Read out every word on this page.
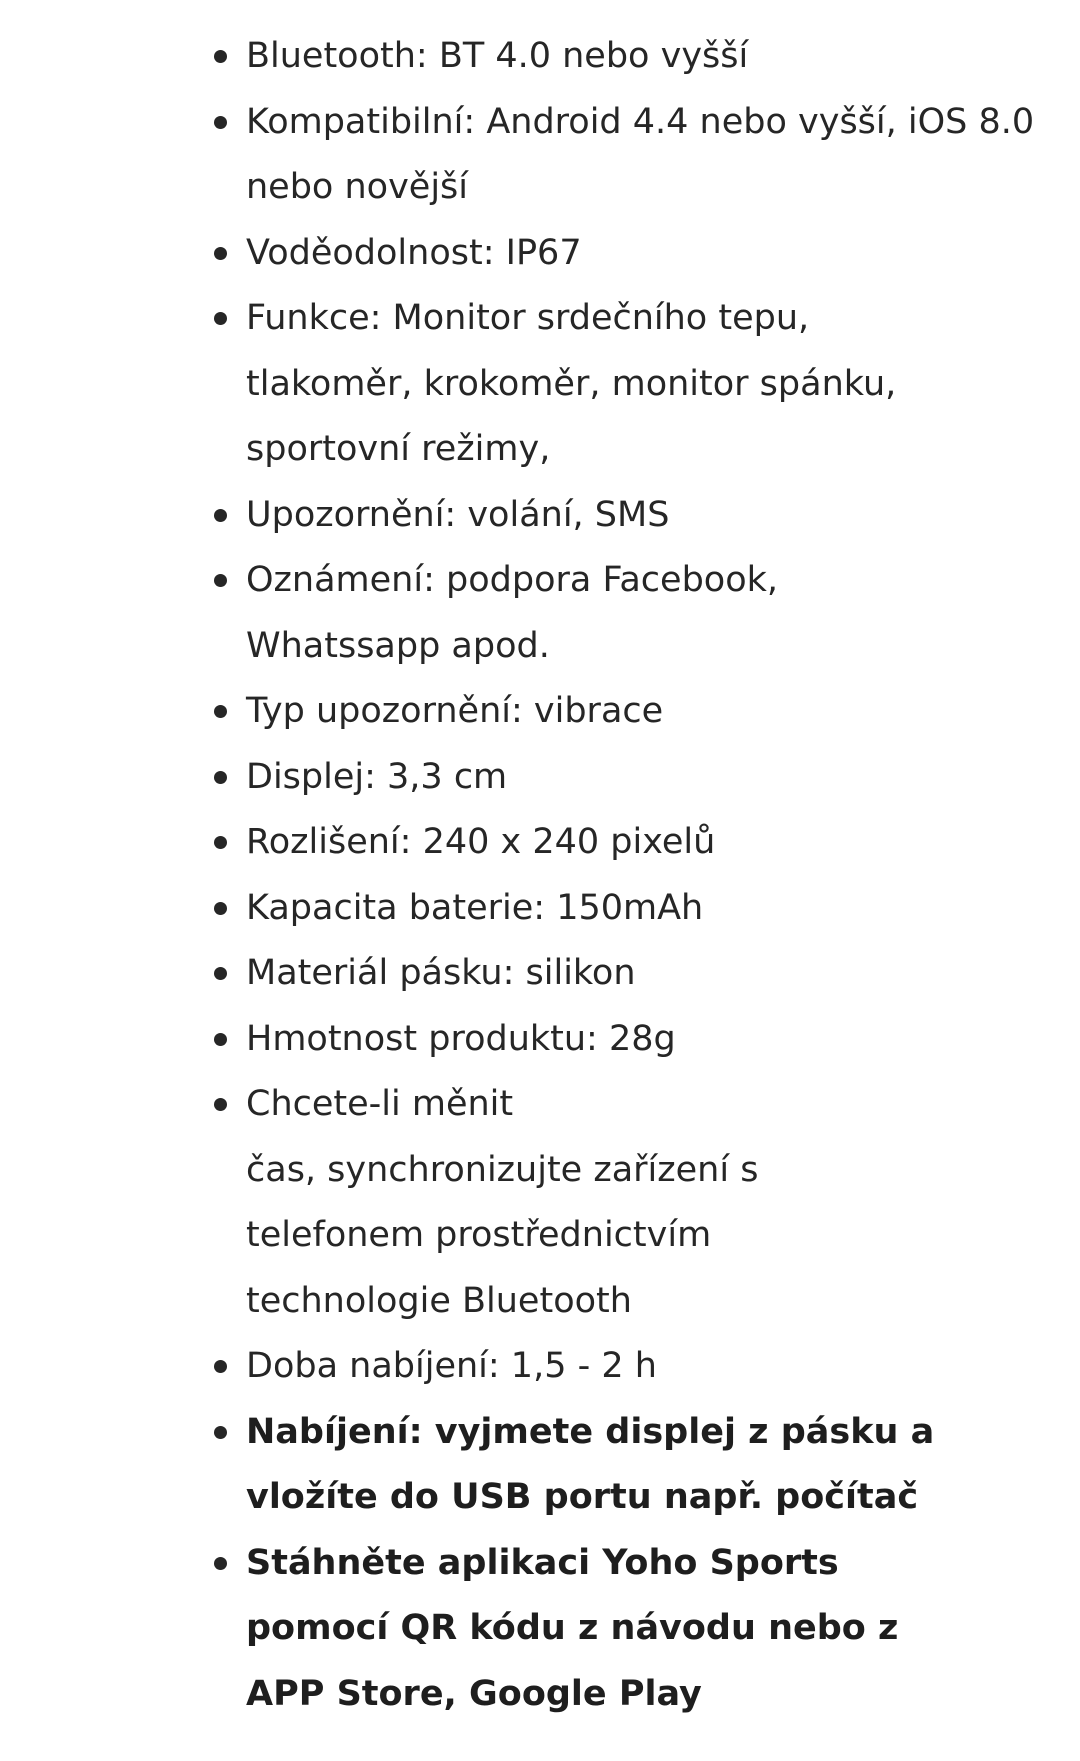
Bluetooth: BT 4.0 nebo vyšší
Kompatibilní: Android 4.4 nebo vyšší, iOS 8.0
nebo novější
Voděodolnost: IP67
Funkce: Monitor srdečního tepu,
tlakoměr, krokoměr, monitor spánku,
sportovní režimy,
Upozornění: volání, SMS
Oznámení: podpora Facebook,
Whatssapp apod.
Typ upozornění: vibrace
Displej: 3,3 cm
Rozlišení: 240 x 240 pixelů
Kapacita baterie: 150mAh
Materiál pásku: silikon
Hmotnost produktu: 28g
Chcete-li měnit
čas, synchronizujte zařízení s
telefonem prostřednictvím
technologie Bluetooth
Doba nabíjení: 1,5 - 2 h
Nabíjení: vyjmete displej z pásku a
vložíte do USB portu např. počítač
Stáhněte aplikaci Yoho Sports
pomocí QR kódu z návodu nebo z
APP Store, Google Play
